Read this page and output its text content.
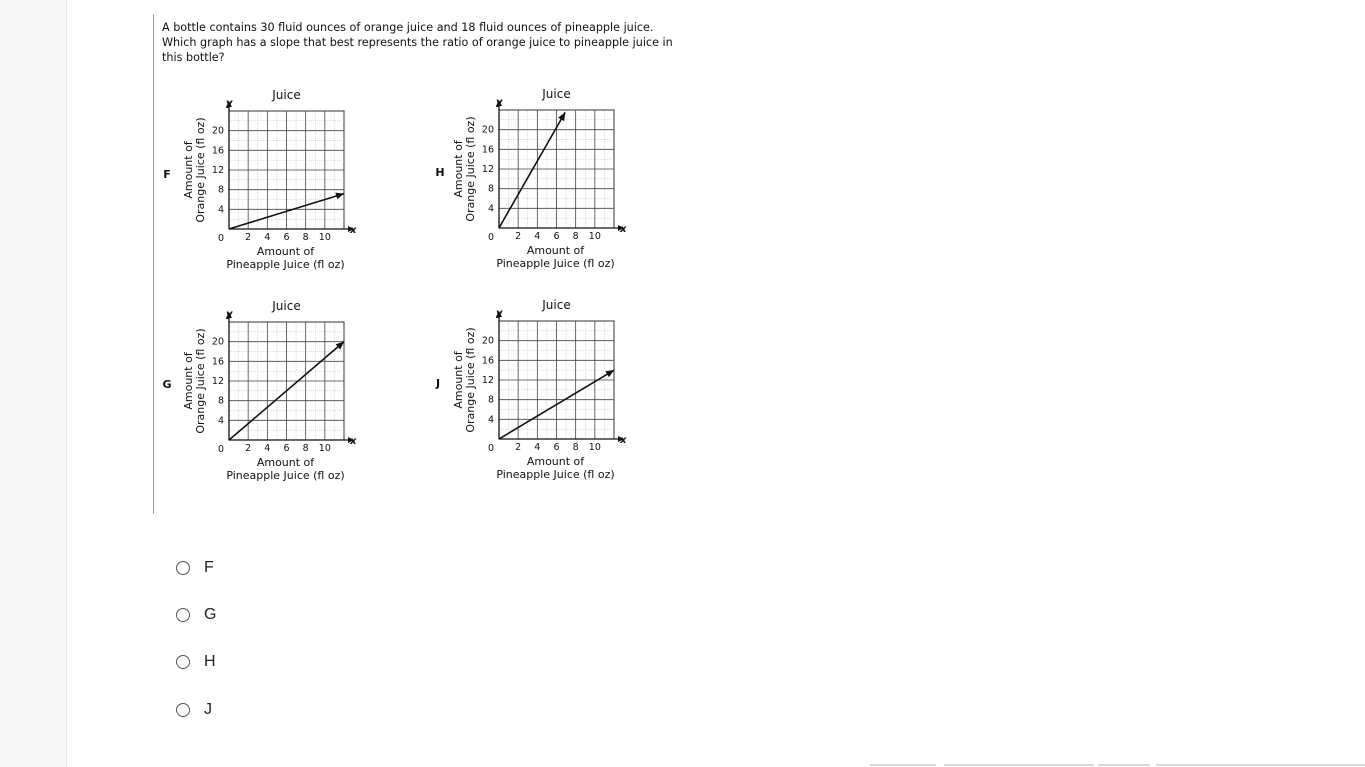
A bottle contains 30 fluid ounces of orange juice and 18 fluid ounces of pineapple juice. Which graph has a slope that best represents the ratio of orange juice to pineapple juice in this bottle?
F
Juice
x
y
0 2 4 6 8 10
4
8
12
16
20
Amount of
Pineapple Juice (fl oz)
Amount of Orange Juice (fl oz)	H
Juice
x
y
0 2 4 6 8 10
4
8
12
16
20
Amount of
Pineapple Juice (fl oz)
Amount of Orange Juice (fl oz)
G
Juice
x
y
0 2 4 6 8 10
4
8
12
16
20
Amount of
Pineapple Juice (fl oz)
Amount of Orange Juice (fl oz)	J
Juice
x
y
0 2 4 6 8 10
4
8
12
16
20
Amount of
Pineapple Juice (fl oz)
Amount of Orange Juice (fl oz)
F
G
H
J
